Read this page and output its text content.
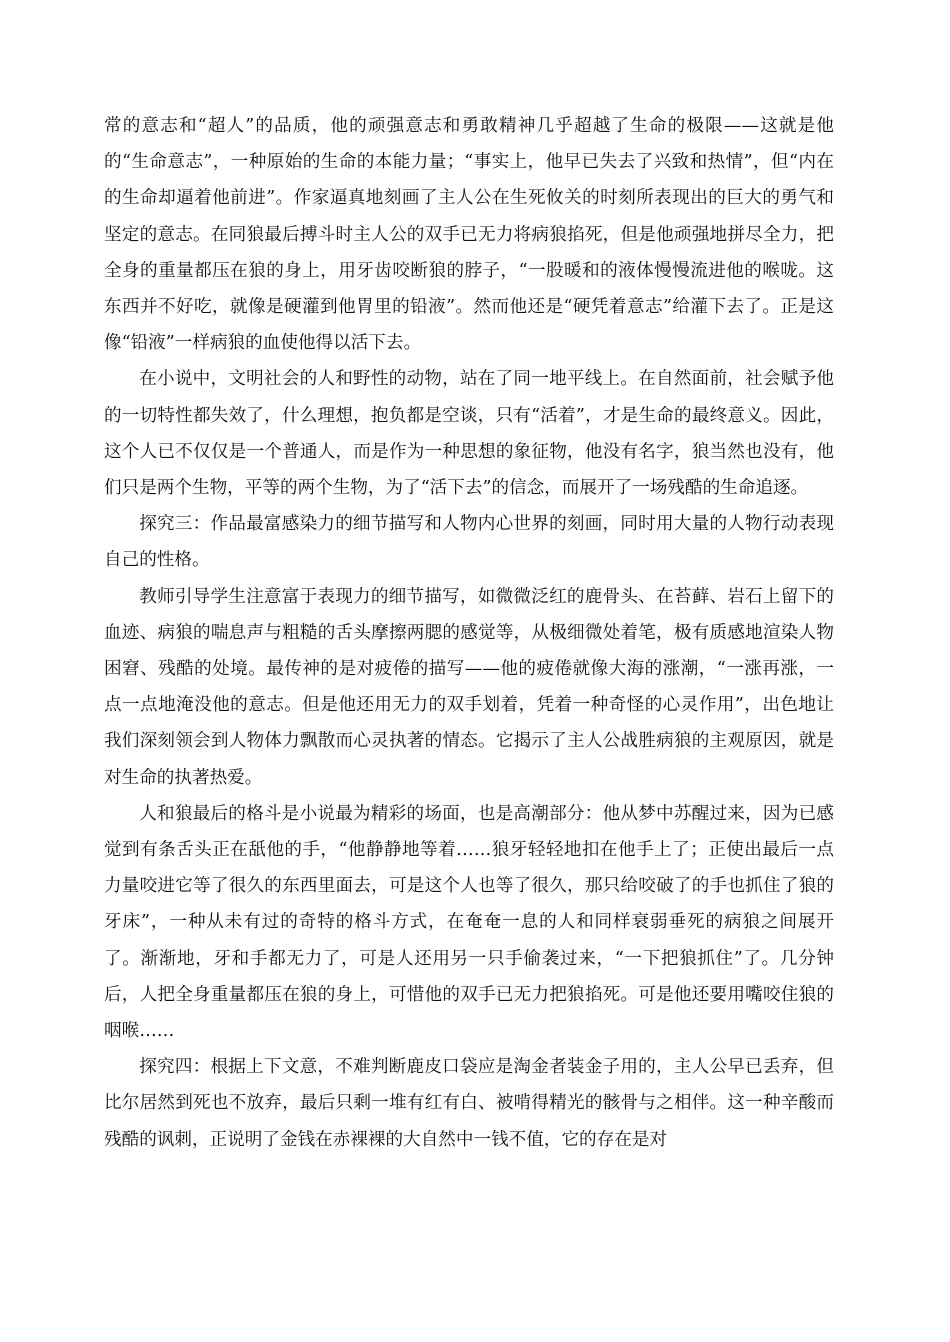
常的意志和“超人”的品质，他的顽强意志和勇敢精神几乎超越了生命的极限——这就是他的“生命意志”，一种原始的生命的本能力量；“事实上，他早已失去了兴致和热情”，但“内在的生命却逼着他前进”。作家逼真地刻画了主人公在生死攸关的时刻所表现出的巨大的勇气和坚定的意志。在同狼最后搏斗时主人公的双手已无力将病狼掐死，但是他顽强地拼尽全力，把全身的重量都压在狼的身上，用牙齿咬断狼的脖子，“一股暖和的液体慢慢流进他的喉咙。这东西并不好吃，就像是硬灌到他胃里的铅液”。然而他还是“硬凭着意志”给灌下去了。正是这像“铅液”一样病狼的血使他得以活下去。

在小说中，文明社会的人和野性的动物，站在了同一地平线上。在自然面前，社会赋予他的一切特性都失效了，什么理想，抱负都是空谈，只有“活着”，才是生命的最终意义。因此，这个人已不仅仅是一个普通人，而是作为一种思想的象征物，他没有名字，狼当然也没有，他们只是两个生物，平等的两个生物，为了“活下去”的信念，而展开了一场残酷的生命追逐。

探究三：作品最富感染力的细节描写和人物内心世界的刻画，同时用大量的人物行动表现自己的性格。

教师引导学生注意富于表现力的细节描写，如微微泛红的鹿骨头、在苔藓、岩石上留下的血迹、病狼的喘息声与粗糙的舌头摩擦两腮的感觉等，从极细微处着笔，极有质感地渲染人物困窘、残酷的处境。最传神的是对疲倦的描写——他的疲倦就像大海的涨潮，“一涨再涨，一点一点地淹没他的意志。但是他还用无力的双手划着，凭着一种奇怪的心灵作用”，出色地让我们深刻领会到人物体力飘散而心灵执著的情态。它揭示了主人公战胜病狼的主观原因，就是对生命的执著热爱。

人和狼最后的格斗是小说最为精彩的场面，也是高潮部分：他从梦中苏醒过来，因为已感觉到有条舌头正在舐他的手，“他静静地等着……狼牙轻轻地扣在他手上了；正使出最后一点力量咬进它等了很久的东西里面去，可是这个人也等了很久，那只给咬破了的手也抓住了狼的牙床”，一种从未有过的奇特的格斗方式，在奄奄一息的人和同样衰弱垂死的病狼之间展开了。渐渐地，牙和手都无力了，可是人还用另一只手偷袭过来，“一下把狼抓住”了。几分钟后，人把全身重量都压在狼的身上，可惜他的双手已无力把狼掐死。可是他还要用嘴咬住狼的咽喉……

探究四：根据上下文意，不难判断鹿皮口袋应是淘金者装金子用的，主人公早已丢弃，但比尔居然到死也不放弃，最后只剩一堆有红有白、被啃得精光的骸骨与之相伴。这一种辛酸而残酷的讽刺，正说明了金钱在赤裸裸的大自然中一钱不值，它的存在是对
